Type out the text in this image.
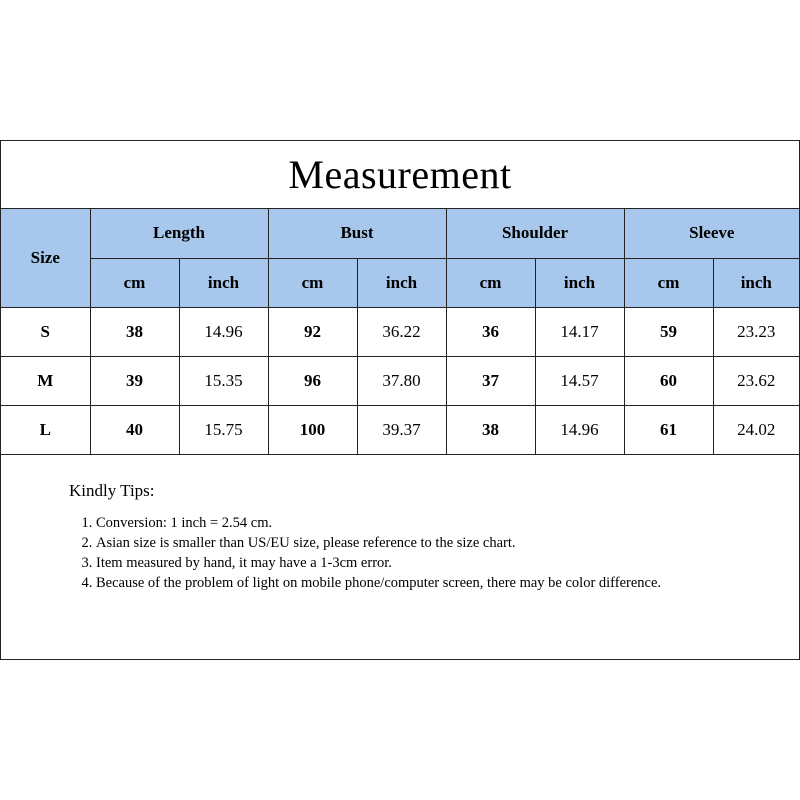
Measurement
Size	Length		Bust		Shoulder		Sleeve	
	cm	inch	cm	inch	cm	inch	cm	inch
S	38	14.96	92	36.22	36	14.17	59	23.23
M	39	15.35	96	37.80	37	14.57	60	23.62
L	40	15.75	100	39.37	38	14.96	61	24.02
Kindly Tips:
1. Conversion: 1 inch = 2.54 cm.
2. Asian size is smaller than US/EU size, please reference to the size chart.
3. Item measured by hand, it may have a 1-3cm error.
4. Because of the problem of light on mobile phone/computer screen, there may be color difference.
